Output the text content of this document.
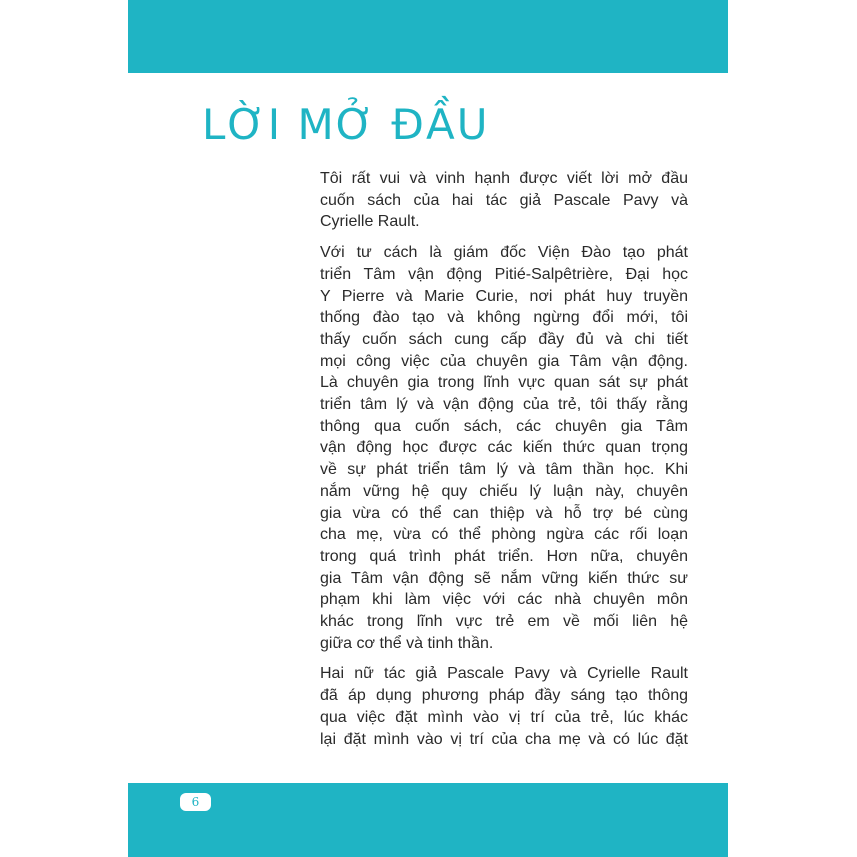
LỜI MỞ ĐẦU

Tôi rất vui và vinh hạnh được viết lời mở đầu
cuốn sách của hai tác giả Pascale Pavy và
Cyrielle Rault.

Với tư cách là giám đốc Viện Đào tạo phát
triển Tâm vận động Pitié-Salpêtrière, Đại học
Y Pierre và Marie Curie, nơi phát huy truyền
thống đào tạo và không ngừng đổi mới, tôi
thấy cuốn sách cung cấp đầy đủ và chi tiết
mọi công việc của chuyên gia Tâm vận động.
Là chuyên gia trong lĩnh vực quan sát sự phát
triển tâm lý và vận động của trẻ, tôi thấy rằng
thông qua cuốn sách, các chuyên gia Tâm
vận động học được các kiến thức quan trọng
về sự phát triển tâm lý và tâm thần học. Khi
nắm vững hệ quy chiếu lý luận này, chuyên
gia vừa có thể can thiệp và hỗ trợ bé cùng
cha mẹ, vừa có thể phòng ngừa các rối loạn
trong quá trình phát triển. Hơn nữa, chuyên
gia Tâm vận động sẽ nắm vững kiến thức sư
phạm khi làm việc với các nhà chuyên môn
khác trong lĩnh vực trẻ em về mối liên hệ
giữa cơ thể và tinh thần.

Hai nữ tác giả Pascale Pavy và Cyrielle Rault
đã áp dụng phương pháp đầy sáng tạo thông
qua việc đặt mình vào vị trí của trẻ, lúc khác
lại đặt mình vào vị trí của cha mẹ và có lúc đặt

6
